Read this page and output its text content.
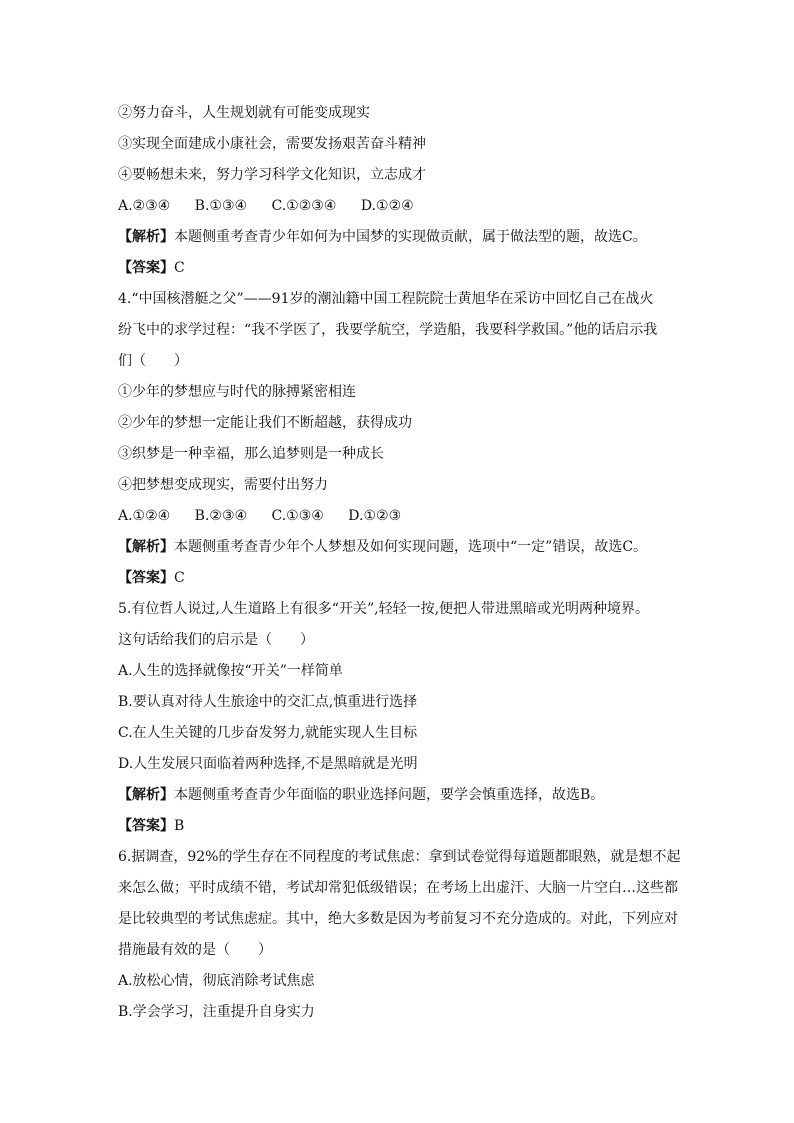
②努力奋斗，人生规划就有可能变成现实
③实现全面建成小康社会，需要发扬艰苦奋斗精神
④要畅想未来，努力学习科学文化知识，立志成才
A.②③④ B.①③④ C.①②③④ D.①②④
【解析】本题侧重考查青少年如何为中国梦的实现做贡献，属于做法型的题，故选C。
【答案】C
4.“中国核潜艇之父”——91岁的潮汕籍中国工程院院士黄旭华在采访中回忆自己在战火
纷飞中的求学过程：“我不学医了，我要学航空，学造船，我要科学救国。”他的话启示我
们（　　）
①少年的梦想应与时代的脉搏紧密相连
②少年的梦想一定能让我们不断超越，获得成功
③织梦是一种幸福，那么追梦则是一种成长
④把梦想变成现实，需要付出努力
A.①②④ B.②③④ C.①③④ D.①②③
【解析】本题侧重考查青少年个人梦想及如何实现问题，选项中“一定”错误，故选C。
【答案】C
5.有位哲人说过,人生道路上有很多“开关”,轻轻一按,便把人带进黑暗或光明两种境界。
这句话给我们的启示是（　　）
A.人生的选择就像按“开关”一样简单
B.要认真对待人生旅途中的交汇点,慎重进行选择
C.在人生关键的几步奋发努力,就能实现人生目标
D.人生发展只面临着两种选择,不是黑暗就是光明
【解析】本题侧重考查青少年面临的职业选择问题，要学会慎重选择，故选B。
【答案】B
6.据调查，92%的学生存在不同程度的考试焦虑：拿到试卷觉得每道题都眼熟，就是想不起
来怎么做；平时成绩不错，考试却常犯低级错误；在考场上出虚汗、大脑一片空白…这些都
是比较典型的考试焦虑症。其中，绝大多数是因为考前复习不充分造成的。对此，下列应对
措施最有效的是（　　）
A.放松心情，彻底消除考试焦虑
B.学会学习，注重提升自身实力
